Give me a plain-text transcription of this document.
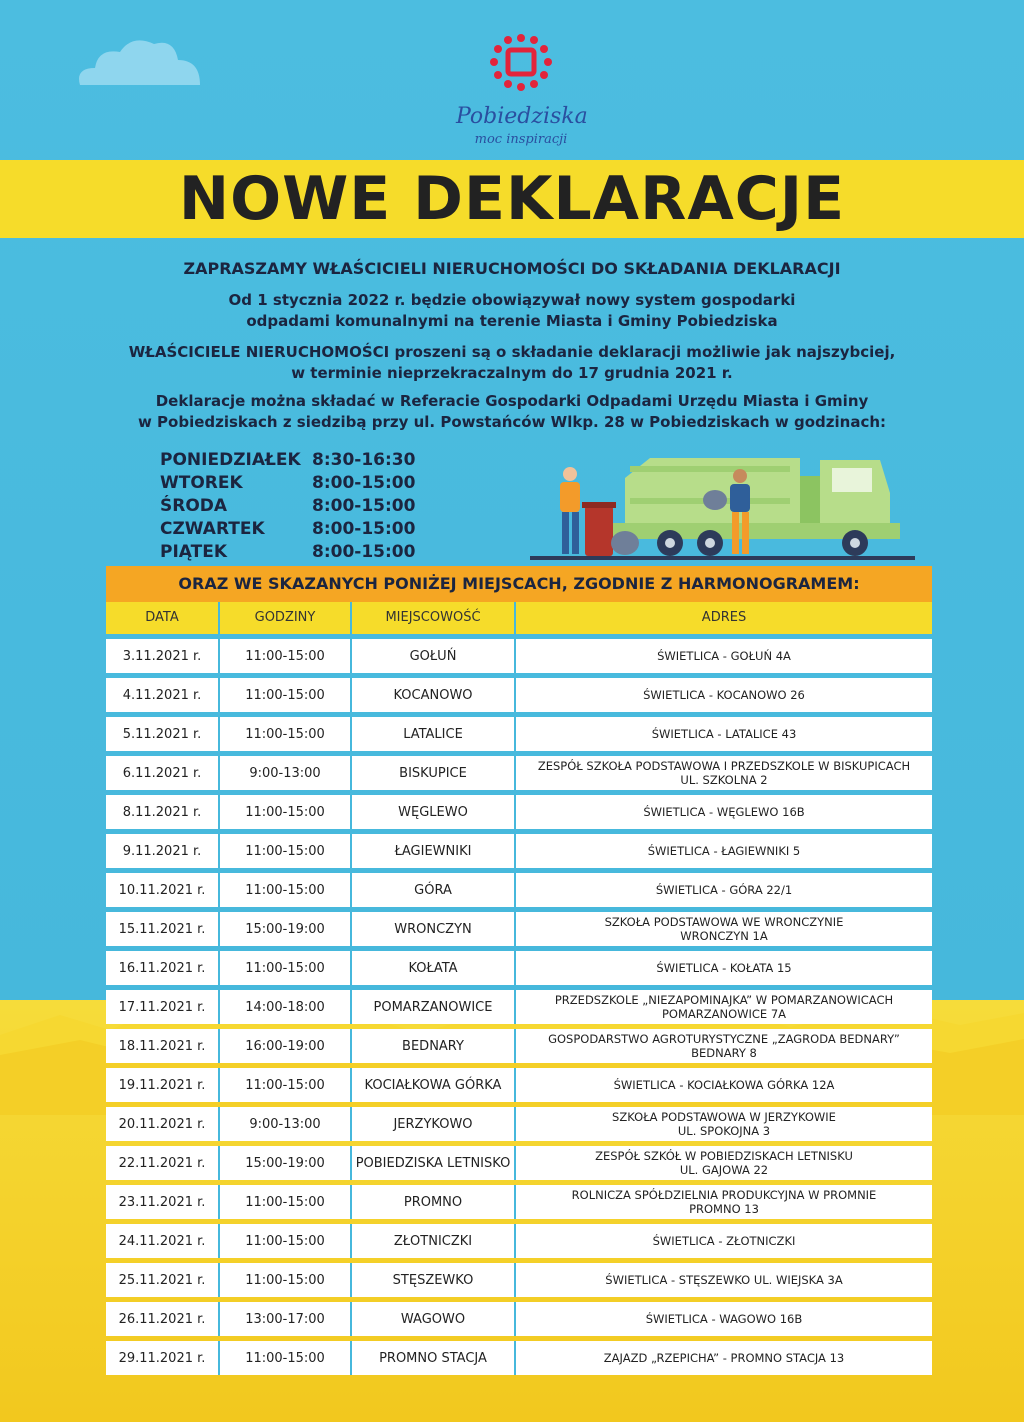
Pobiedziska
moc inspiracji
NOWE DEKLARACJE
ZAPRASZAMY WŁAŚCICIELI NIERUCHOMOŚCI DO SKŁADANIA DEKLARACJI
Od 1 stycznia 2022 r. będzie obowiązywał nowy system gospodarki
odpadami komunalnymi na terenie Miasta i Gminy Pobiedziska
WŁAŚCICIELE NIERUCHOMOŚCI proszeni są o składanie deklaracji możliwie jak najszybciej,
w terminie nieprzekraczalnym do 17 grudnia 2021 r.
Deklaracje można składać w Referacie Gospodarki Odpadami Urzędu Miasta i Gminy
w Pobiedziskach z siedzibą przy ul. Powstańców Wlkp. 28 w Pobiedziskach w godzinach:
PONIEDZIAŁEK 8:30-16:30
WTOREK	8:00-15:00
ŚRODA	8:00-15:00
CZWARTEK	8:00-15:00
PIĄTEK	8:00-15:00
ORAZ WE SKAZANYCH PONIŻEJ MIEJSCACH, ZGODNIE Z HARMONOGRAMEM:
DATA	GODZINY	MIEJSCOWOŚĆ	ADRES
3.11.2021 r.	11:00-15:00	GOŁUŃ	ŚWIETLICA - GOŁUŃ 4A
4.11.2021 r.	11:00-15:00	KOCANOWO	ŚWIETLICA - KOCANOWO 26
5.11.2021 r.	11:00-15:00	LATALICE	ŚWIETLICA - LATALICE 43
6.11.2021 r.	9:00-13:00	BISKUPICE	ZESPÓŁ SZKOŁA PODSTAWOWA I PRZEDSZKOLE W BISKUPICACH
UL. SZKOLNA 2
8.11.2021 r.	11:00-15:00	WĘGLEWO	ŚWIETLICA - WĘGLEWO 16B
9.11.2021 r.	11:00-15:00	ŁAGIEWNIKI	ŚWIETLICA - ŁAGIEWNIKI 5
10.11.2021 r.	11:00-15:00	GÓRA	ŚWIETLICA - GÓRA 22/1
15.11.2021 r.	15:00-19:00	WRONCZYN	SZKOŁA PODSTAWOWA WE WRONCZYNIE
WRONCZYN 1A
16.11.2021 r.	11:00-15:00	KOŁATA	ŚWIETLICA - KOŁATA 15
17.11.2021 r.	14:00-18:00	POMARZANOWICE	PRZEDSZKOLE „NIEZAPOMINAJKA” W POMARZANOWICACH
POMARZANOWICE 7A
18.11.2021 r.	16:00-19:00	BEDNARY	GOSPODARSTWO AGROTURYSTYCZNE „ZAGRODA BEDNARY”
BEDNARY 8
19.11.2021 r.	11:00-15:00	KOCIAŁKOWA GÓRKA	ŚWIETLICA - KOCIAŁKOWA GÓRKA 12A
20.11.2021 r.	9:00-13:00	JERZYKOWO	SZKOŁA PODSTAWOWA W JERZYKOWIE
UL. SPOKOJNA 3
22.11.2021 r.	15:00-19:00 POBIEDZISKA LETNISKO	ZESPÓŁ SZKÓŁ W POBIEDZISKACH LETNISKU
UL. GAJOWA 22
23.11.2021 r.	11:00-15:00	PROMNO	ROLNICZA SPÓŁDZIELNIA PRODUKCYJNA W PROMNIE
PROMNO 13
24.11.2021 r.	11:00-15:00	ZŁOTNICZKI	ŚWIETLICA - ZŁOTNICZKI
25.11.2021 r.	11:00-15:00	STĘSZEWKO	ŚWIETLICA - STĘSZEWKO UL. WIEJSKA 3A
26.11.2021 r.	13:00-17:00	WAGOWO	ŚWIETLICA - WAGOWO 16B
29.11.2021 r.	11:00-15:00	PROMNO STACJA	ZAJAZD „RZEPICHA” - PROMNO STACJA 13
